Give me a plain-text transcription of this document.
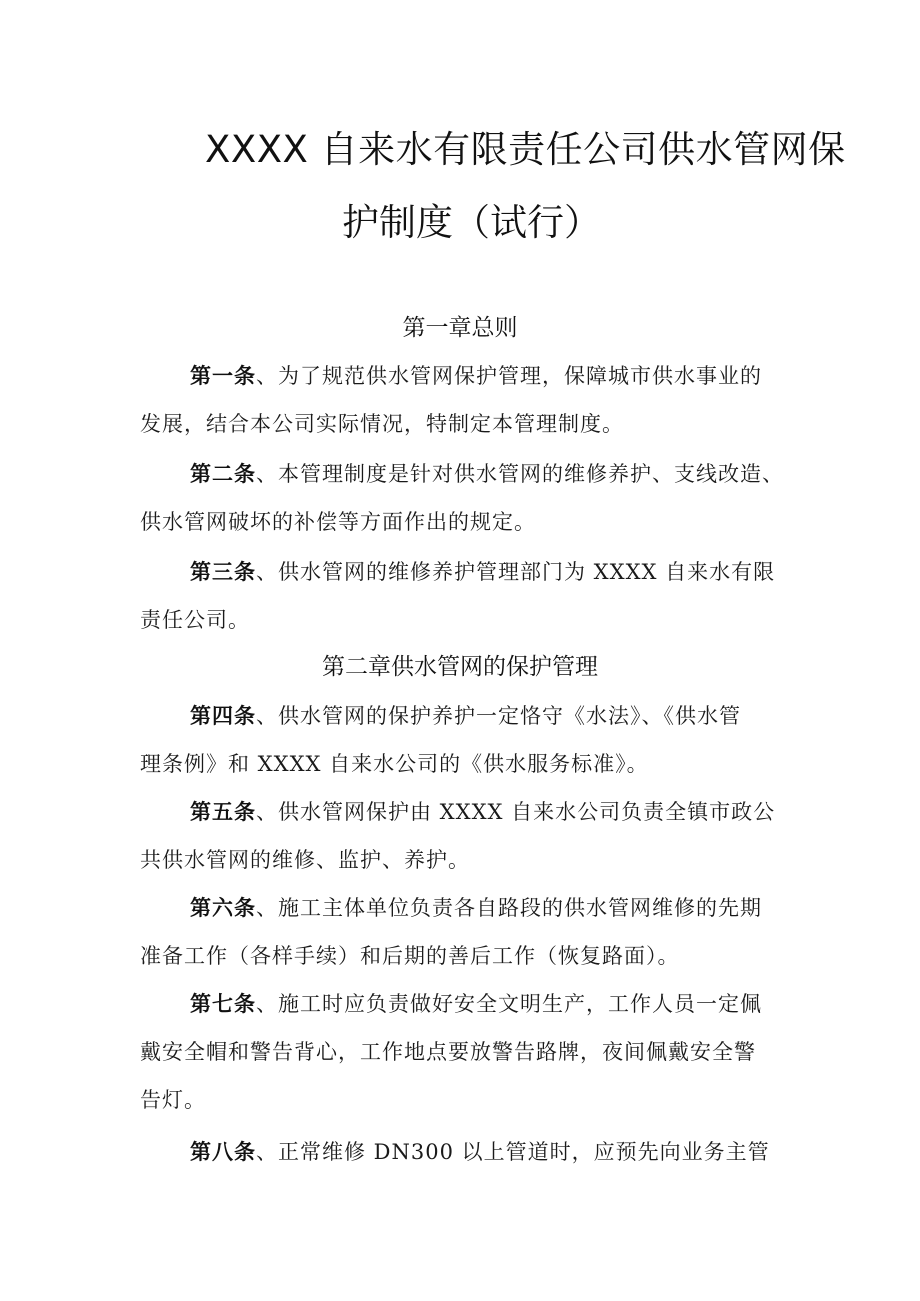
XXXX 自来水有限责任公司供水管网保
护制度（试行）
第一章总则
第一条、为了规范供水管网保护管理，保障城市供水事业的
发展，结合本公司实际情况，特制定本管理制度。
第二条、本管理制度是针对供水管网的维修养护、支线改造、
供水管网破坏的补偿等方面作出的规定。
第三条、供水管网的维修养护管理部门为 XXXX 自来水有限
责任公司。
第二章供水管网的保护管理
第四条、供水管网的保护养护一定恪守《水法》、《供水管
理条例》和 XXXX 自来水公司的《供水服务标准》。
第五条、供水管网保护由 XXXX 自来水公司负责全镇市政公
共供水管网的维修、监护、养护。
第六条、施工主体单位负责各自路段的供水管网维修的先期
准备工作（各样手续）和后期的善后工作（恢复路面）。
第七条、施工时应负责做好安全文明生产，工作人员一定佩
戴安全帽和警告背心，工作地点要放警告路牌，夜间佩戴安全警
告灯。
第八条、正常维修 DN300 以上管道时，应预先向业务主管
